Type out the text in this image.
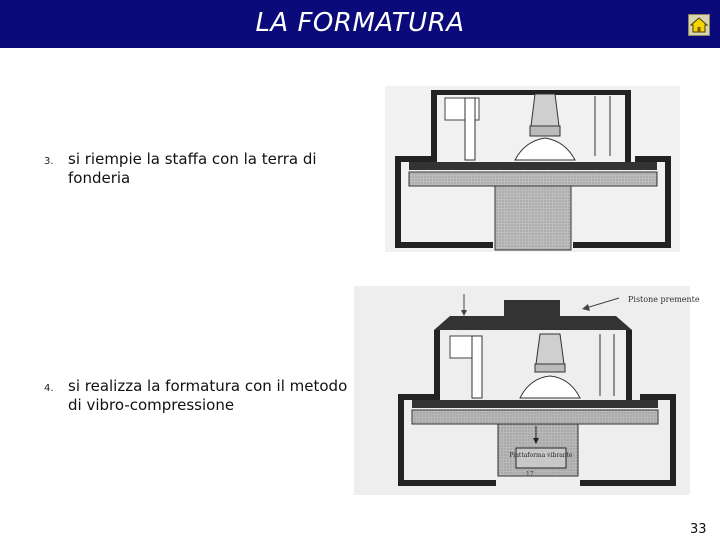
LA FORMATURA
3. si riempie la staffa con la terra di fonderia
4. si realizza la formatura con il metodo di vibro-compressione
Pistone premente
Piattaforma vibrante
17
33
